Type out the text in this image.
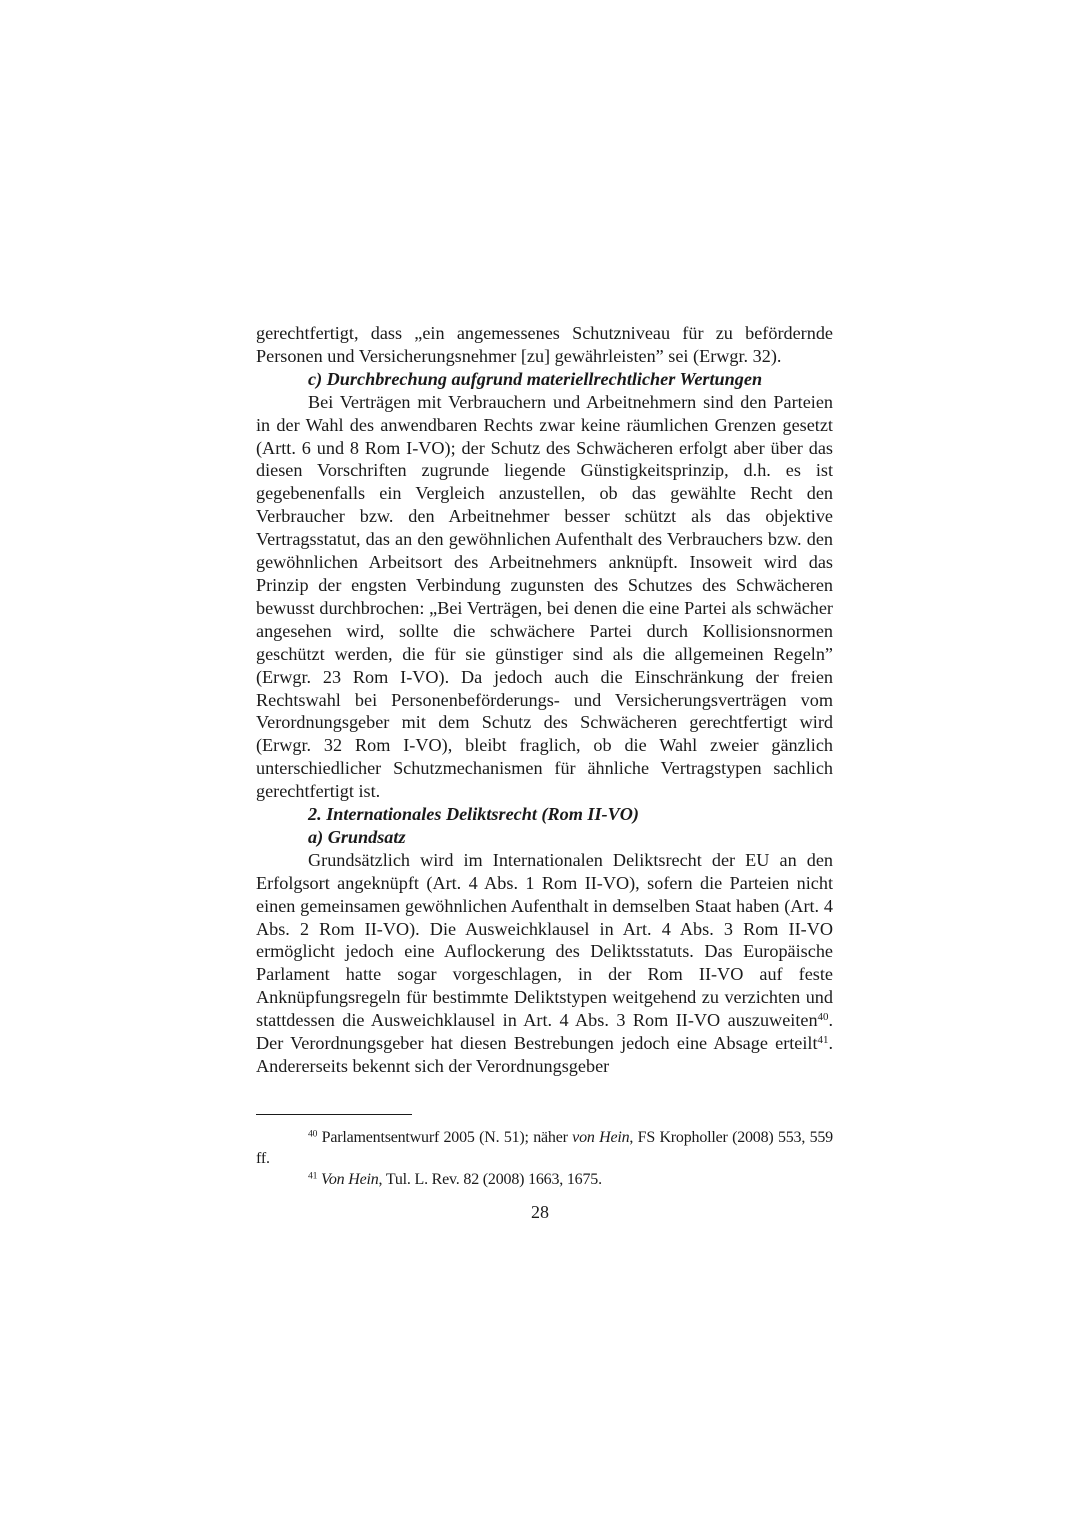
gerechtfertigt, dass „ein angemessenes Schutzniveau für zu befördernde Personen und Versicherungsnehmer [zu] gewährleisten” sei (Erwgr. 32).

c) Durchbrechung aufgrund materiellrechtlicher Wertungen

Bei Verträgen mit Verbrauchern und Arbeitnehmern sind den Parteien in der Wahl des anwendbaren Rechts zwar keine räumlichen Grenzen gesetzt (Artt. 6 und 8 Rom I-VO); der Schutz des Schwächeren erfolgt aber über das diesen Vorschriften zugrunde liegende Günstigkeitsprinzip, d.h. es ist gegebenenfalls ein Vergleich anzustellen, ob das gewählte Recht den Verbraucher bzw. den Arbeitnehmer besser schützt als das objektive Vertragsstatut, das an den gewöhnlichen Aufenthalt des Verbrauchers bzw. den gewöhnlichen Arbeitsort des Arbeitnehmers anknüpft. Insoweit wird das Prinzip der engsten Verbindung zugunsten des Schutzes des Schwächeren bewusst durchbrochen: „Bei Verträgen, bei denen die eine Partei als schwächer angesehen wird, sollte die schwächere Partei durch Kollisionsnormen geschützt werden, die für sie günstiger sind als die allgemeinen Regeln” (Erwgr. 23 Rom I-VO). Da jedoch auch die Einschränkung der freien Rechtswahl bei Personenbeförderungs- und Versicherungsverträgen vom Verordnungsgeber mit dem Schutz des Schwächeren gerechtfertigt wird (Erwgr. 32 Rom I-VO), bleibt fraglich, ob die Wahl zweier gänzlich unterschiedlicher Schutzmechanismen für ähnliche Vertragstypen sachlich gerechtfertigt ist.

2. Internationales Deliktsrecht (Rom II-VO)

a) Grundsatz

Grundsätzlich wird im Internationalen Deliktsrecht der EU an den Erfolgsort angeknüpft (Art. 4 Abs. 1 Rom II-VO), sofern die Parteien nicht einen gemeinsamen gewöhnlichen Aufenthalt in demselben Staat haben (Art. 4 Abs. 2 Rom II-VO). Die Ausweichklausel in Art. 4 Abs. 3 Rom II-VO ermöglicht jedoch eine Auflockerung des Deliktsstatuts. Das Europäische Parlament hatte sogar vorgeschlagen, in der Rom II-VO auf feste Anknüpfungsregeln für bestimmte Deliktstypen weitgehend zu verzichten und stattdessen die Ausweichklausel in Art. 4 Abs. 3 Rom II-VO auszuweiten$^{40}$. Der Verordnungsgeber hat diesen Bestrebungen jedoch eine Absage erteilt$^{41}$. Andererseits bekennt sich der Verordnungsgeber

$^{40}$ Parlamentsentwurf 2005 (N. 51); näher von Hein, FS Kropholler (2008) 553, 559 ff.

$^{41}$ Von Hein, Tul. L. Rev. 82 (2008) 1663, 1675.

28
